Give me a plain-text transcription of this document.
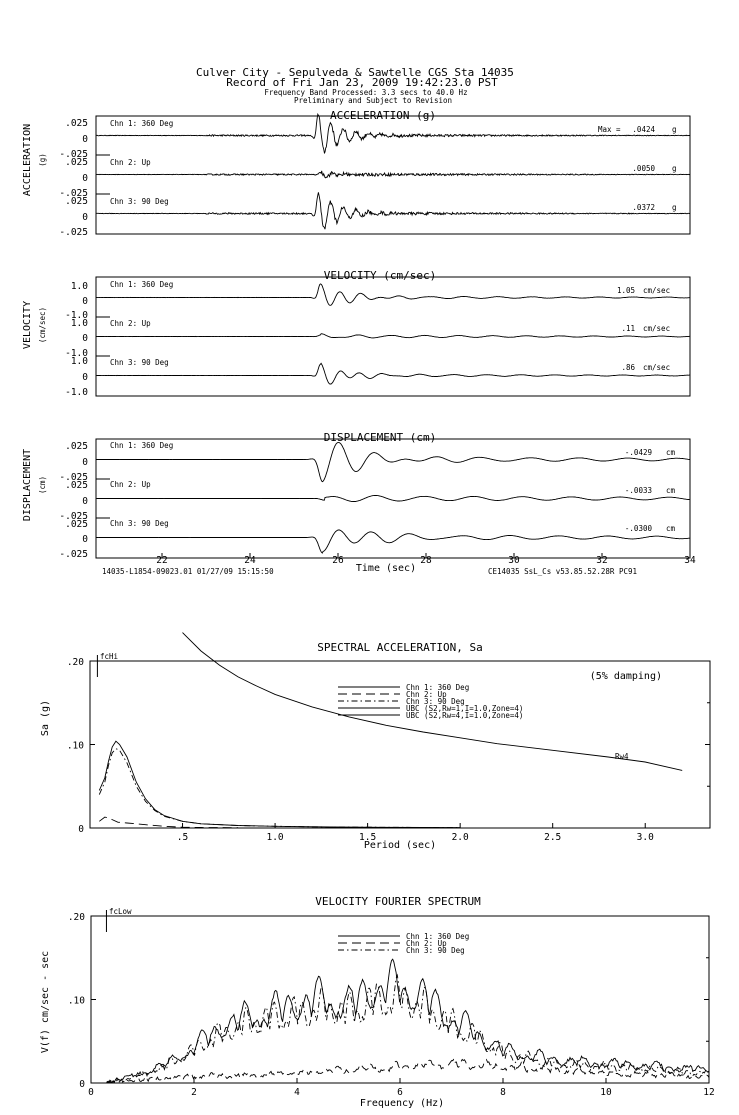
Culver City - Sepulveda & Sawtelle CGS Sta 14035
Record of Fri Jan 23, 2009 19:42:23.0 PST
Frequency Band Processed: 3.3 secs to 40.0 Hz
Preliminary and Subject to Revision
ACCELERATION (g)
ACCELERATION (g)
.025
0
-.025
.025
0
-.025
.025
0
-.025
Chn 1: 360 Deg
Chn 2: Up
Chn 3: 90 Deg
Max = .0424 g
.0050 g
.0372 g
VELOCITY (cm/sec)
VELOCITY (cm/sec)
1.0
0
-1.0
1.0
0
-1.0
1.0
0
-1.0
Chn 1: 360 Deg
Chn 2: Up
Chn 3: 90 Deg
1.05 cm/sec
.11 cm/sec
.86 cm/sec
DISPLACEMENT (cm)
DISPLACEMENT (cm)
.025
0
-.025
.025
0
-.025
.025
0
-.025
Chn 1: 360 Deg
Chn 2: Up
Chn 3: 90 Deg
-.0429 cm
-.0033 cm
-.0300 cm
22	24	26	28	30	32	34
Time (sec)
14035-L1854-09023.01 01/27/09 15:15:50	CE14035 SsL_Cs v53.85.52.28R PC91
SPECTRAL ACCELERATION, Sa
Sa (g)
Period (sec)
(5% damping)
fcHi
Rw4
.5	1.0	1.5	2.0	2.5	3.0
0
.10
.20
Chn 1: 360 Deg
Chn 2: Up
Chn 3: 90 Deg
UBC (S2,Rw=1,I=1.0,Zone=4)
UBC (S2,Rw=4,I=1.0,Zone=4)
VELOCITY FOURIER SPECTRUM
V(f) cm/sec - sec
Frequency (Hz)
fcLow
0	2	4	6	8	10	12
0
.10
.20
Chn 1: 360 Deg
Chn 2: Up
Chn 3: 90 Deg
